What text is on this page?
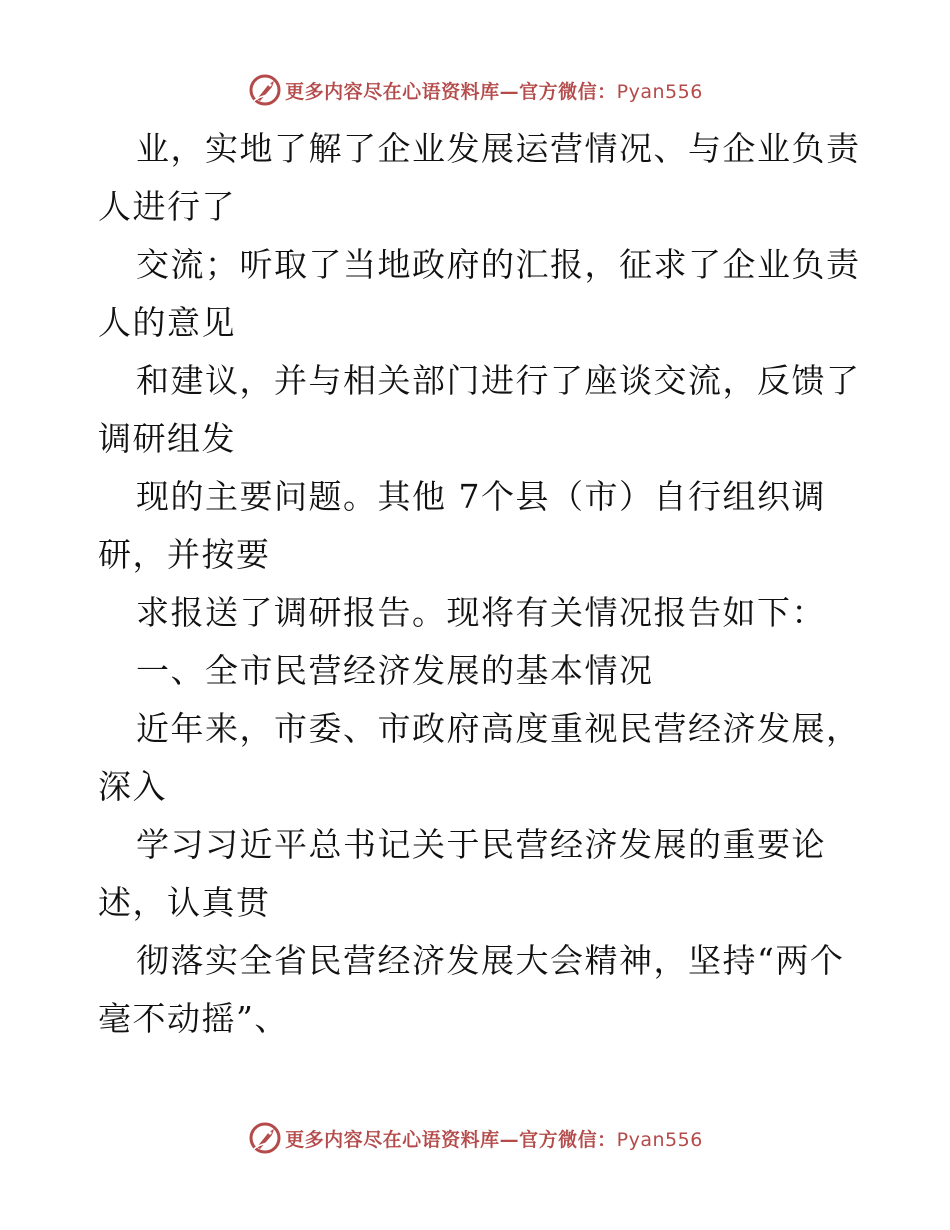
更多内容尽在心语资料库—官方微信：Pyan556
业，实地了解了企业发展运营情况、与企业负责
人进行了
交流；听取了当地政府的汇报，征求了企业负责
人的意见
和建议，并与相关部门进行了座谈交流，反馈了
调研组发
现的主要问题。其他 7个县（市）自行组织调
研，并按要
求报送了调研报告。现将有关情况报告如下：
一、全市民营经济发展的基本情况
近年来，市委、市政府高度重视民营经济发展，
深入
学习习近平总书记关于民营经济发展的重要论
述，认真贯
彻落实全省民营经济发展大会精神，坚持“两个
毫不动摇”、
更多内容尽在心语资料库—官方微信：Pyan556
